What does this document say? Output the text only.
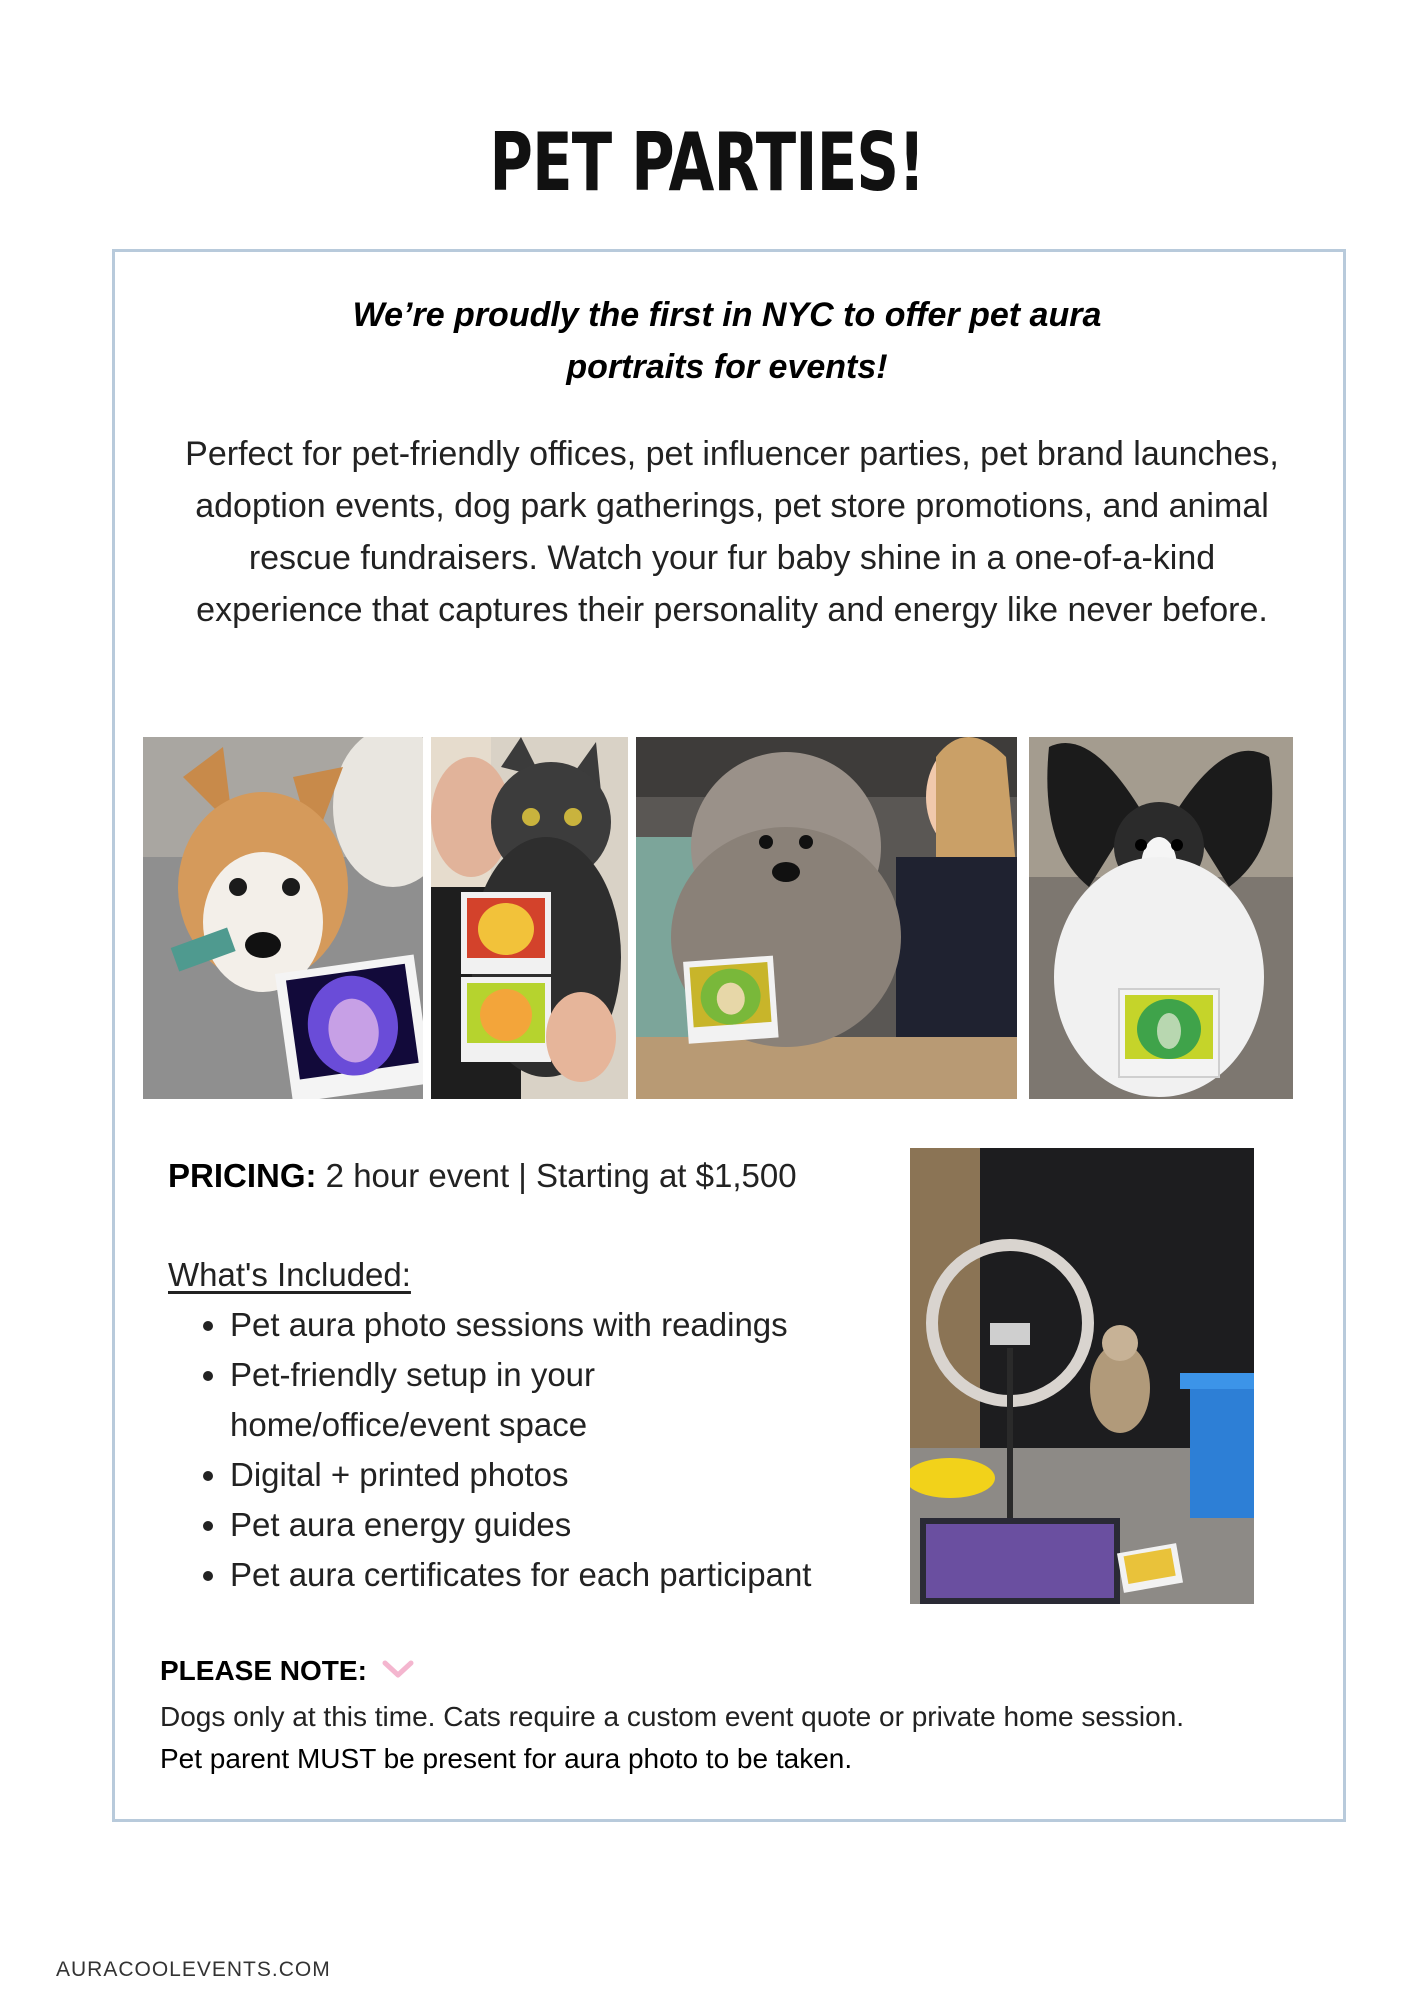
PET PARTIES!
We’re proudly the first in NYC to offer pet aura
portraits for events!
Perfect for pet-friendly offices, pet influencer parties, pet brand launches, adoption events, dog park gatherings, pet store promotions, and animal rescue fundraisers. Watch your fur baby shine in a one-of-a-kind experience that captures their personality and energy like never before.
PRICING: 2 hour event | Starting at $1,500
What's Included:
• Pet aura photo sessions with readings
• Pet-friendly setup in your home/office/event space
• Digital + printed photos
• Pet aura energy guides
• Pet aura certificates for each participant
PLEASE NOTE:
Dogs only at this time. Cats require a custom event quote or private home session.
Pet parent MUST be present for aura photo to be taken.
AURACOOLEVENTS.COM
